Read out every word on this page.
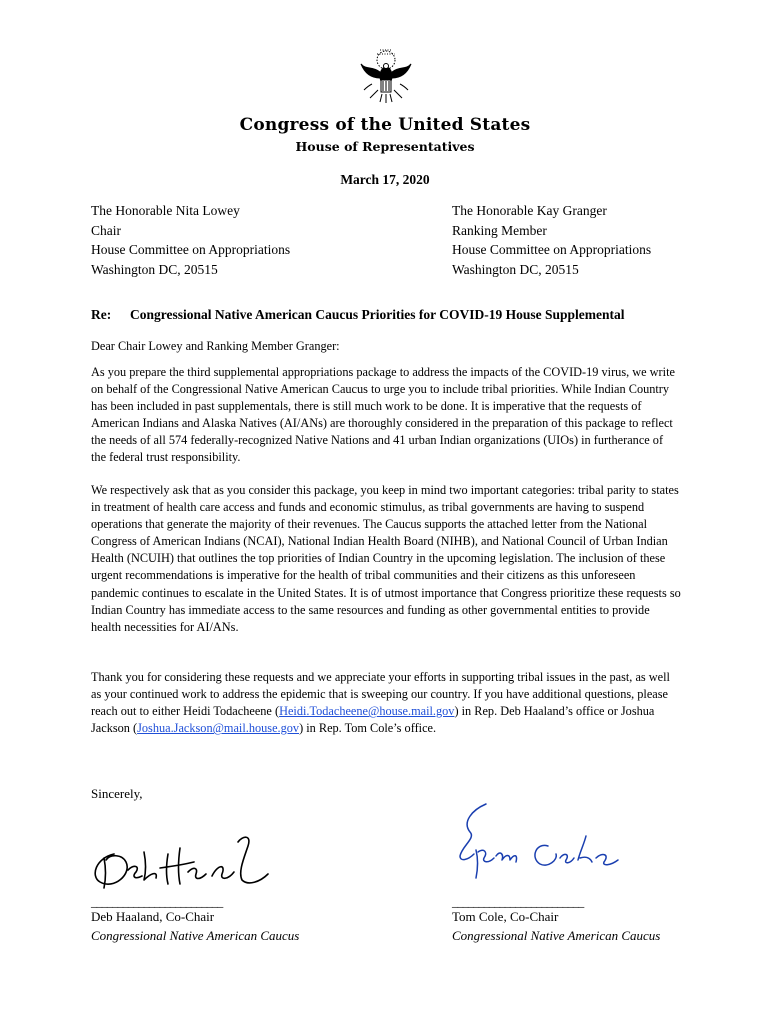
Congress of the United States
House of Representatives
March 17, 2020
The Honorable Nita Lowey
Chair
House Committee on Appropriations
Washington DC, 20515
The Honorable Kay Granger
Ranking Member
House Committee on Appropriations
Washington DC, 20515
Re: Congressional Native American Caucus Priorities for COVID-19 House Supplemental
Dear Chair Lowey and Ranking Member Granger:

As you prepare the third supplemental appropriations package to address the impacts of the COVID-19 virus, we write on behalf of the Congressional Native American Caucus to urge you to include tribal priorities. While Indian Country has been included in past supplementals, there is still much work to be done. It is imperative that the requests of American Indians and Alaska Natives (AI/ANs) are thoroughly considered in the preparation of this package to reflect the needs of all 574 federally-recognized Native Nations and 41 urban Indian organizations (UIOs) in furtherance of the federal trust responsibility.

We respectively ask that as you consider this package, you keep in mind two important categories: tribal parity to states in treatment of health care access and funds and economic stimulus, as tribal governments are having to suspend operations that generate the majority of their revenues. The Caucus supports the attached letter from the National Congress of American Indians (NCAI), National Indian Health Board (NIHB), and National Council of Urban Indian Health (NCUIH) that outlines the top priorities of Indian Country in the upcoming legislation. The inclusion of these urgent recommendations is imperative for the health of tribal communities and their citizens as this unforeseen pandemic continues to escalate in the United States. It is of utmost importance that Congress prioritize these requests so Indian Country has immediate access to the same resources and funding as other governmental entities to provide health necessities for AI/ANs.

Thank you for considering these requests and we appreciate your efforts in supporting tribal issues in the past, as well as your continued work to address the epidemic that is sweeping our country. If you have additional questions, please reach out to either Heidi Todacheene (Heidi.Todacheene@house.mail.gov) in Rep. Deb Haaland’s office or Joshua Jackson (Joshua.Jackson@mail.house.gov) in Rep. Tom Cole’s office.

Sincerely,
_________________________	_________________________
Deb Haaland, Co-Chair
Congressional Native American Caucus
Tom Cole, Co-Chair
Congressional Native American Caucus
